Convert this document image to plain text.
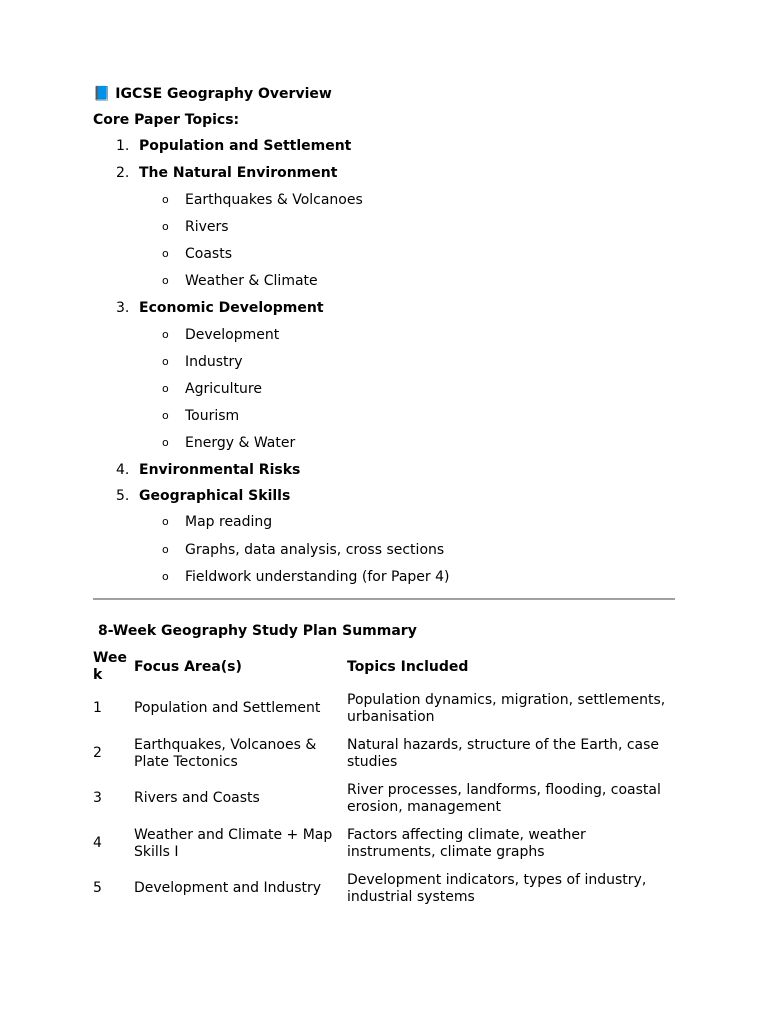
📘 IGCSE Geography Overview
Core Paper Topics:
1. Population and Settlement
2. The Natural Environment
o Earthquakes & Volcanoes
o Rivers
o Coasts
o Weather & Climate
3. Economic Development
o Development
o Industry
o Agriculture
o Tourism
o Energy & Water
4. Environmental Risks
5. Geographical Skills
o Map reading
o Graphs, data analysis, cross sections
o Fieldwork understanding (for Paper 4)
8-Week Geography Study Plan Summary
Week	Focus Area(s)	Topics Included
1	Population and Settlement	Population dynamics, migration, settlements, urbanisation
2	Earthquakes, Volcanoes & Plate Tectonics	Natural hazards, structure of the Earth, case studies
3	Rivers and Coasts	River processes, landforms, flooding, coastal erosion, management
4	Weather and Climate + Map Skills I	Factors affecting climate, weather instruments, climate graphs
5	Development and Industry	Development indicators, types of industry, industrial systems
